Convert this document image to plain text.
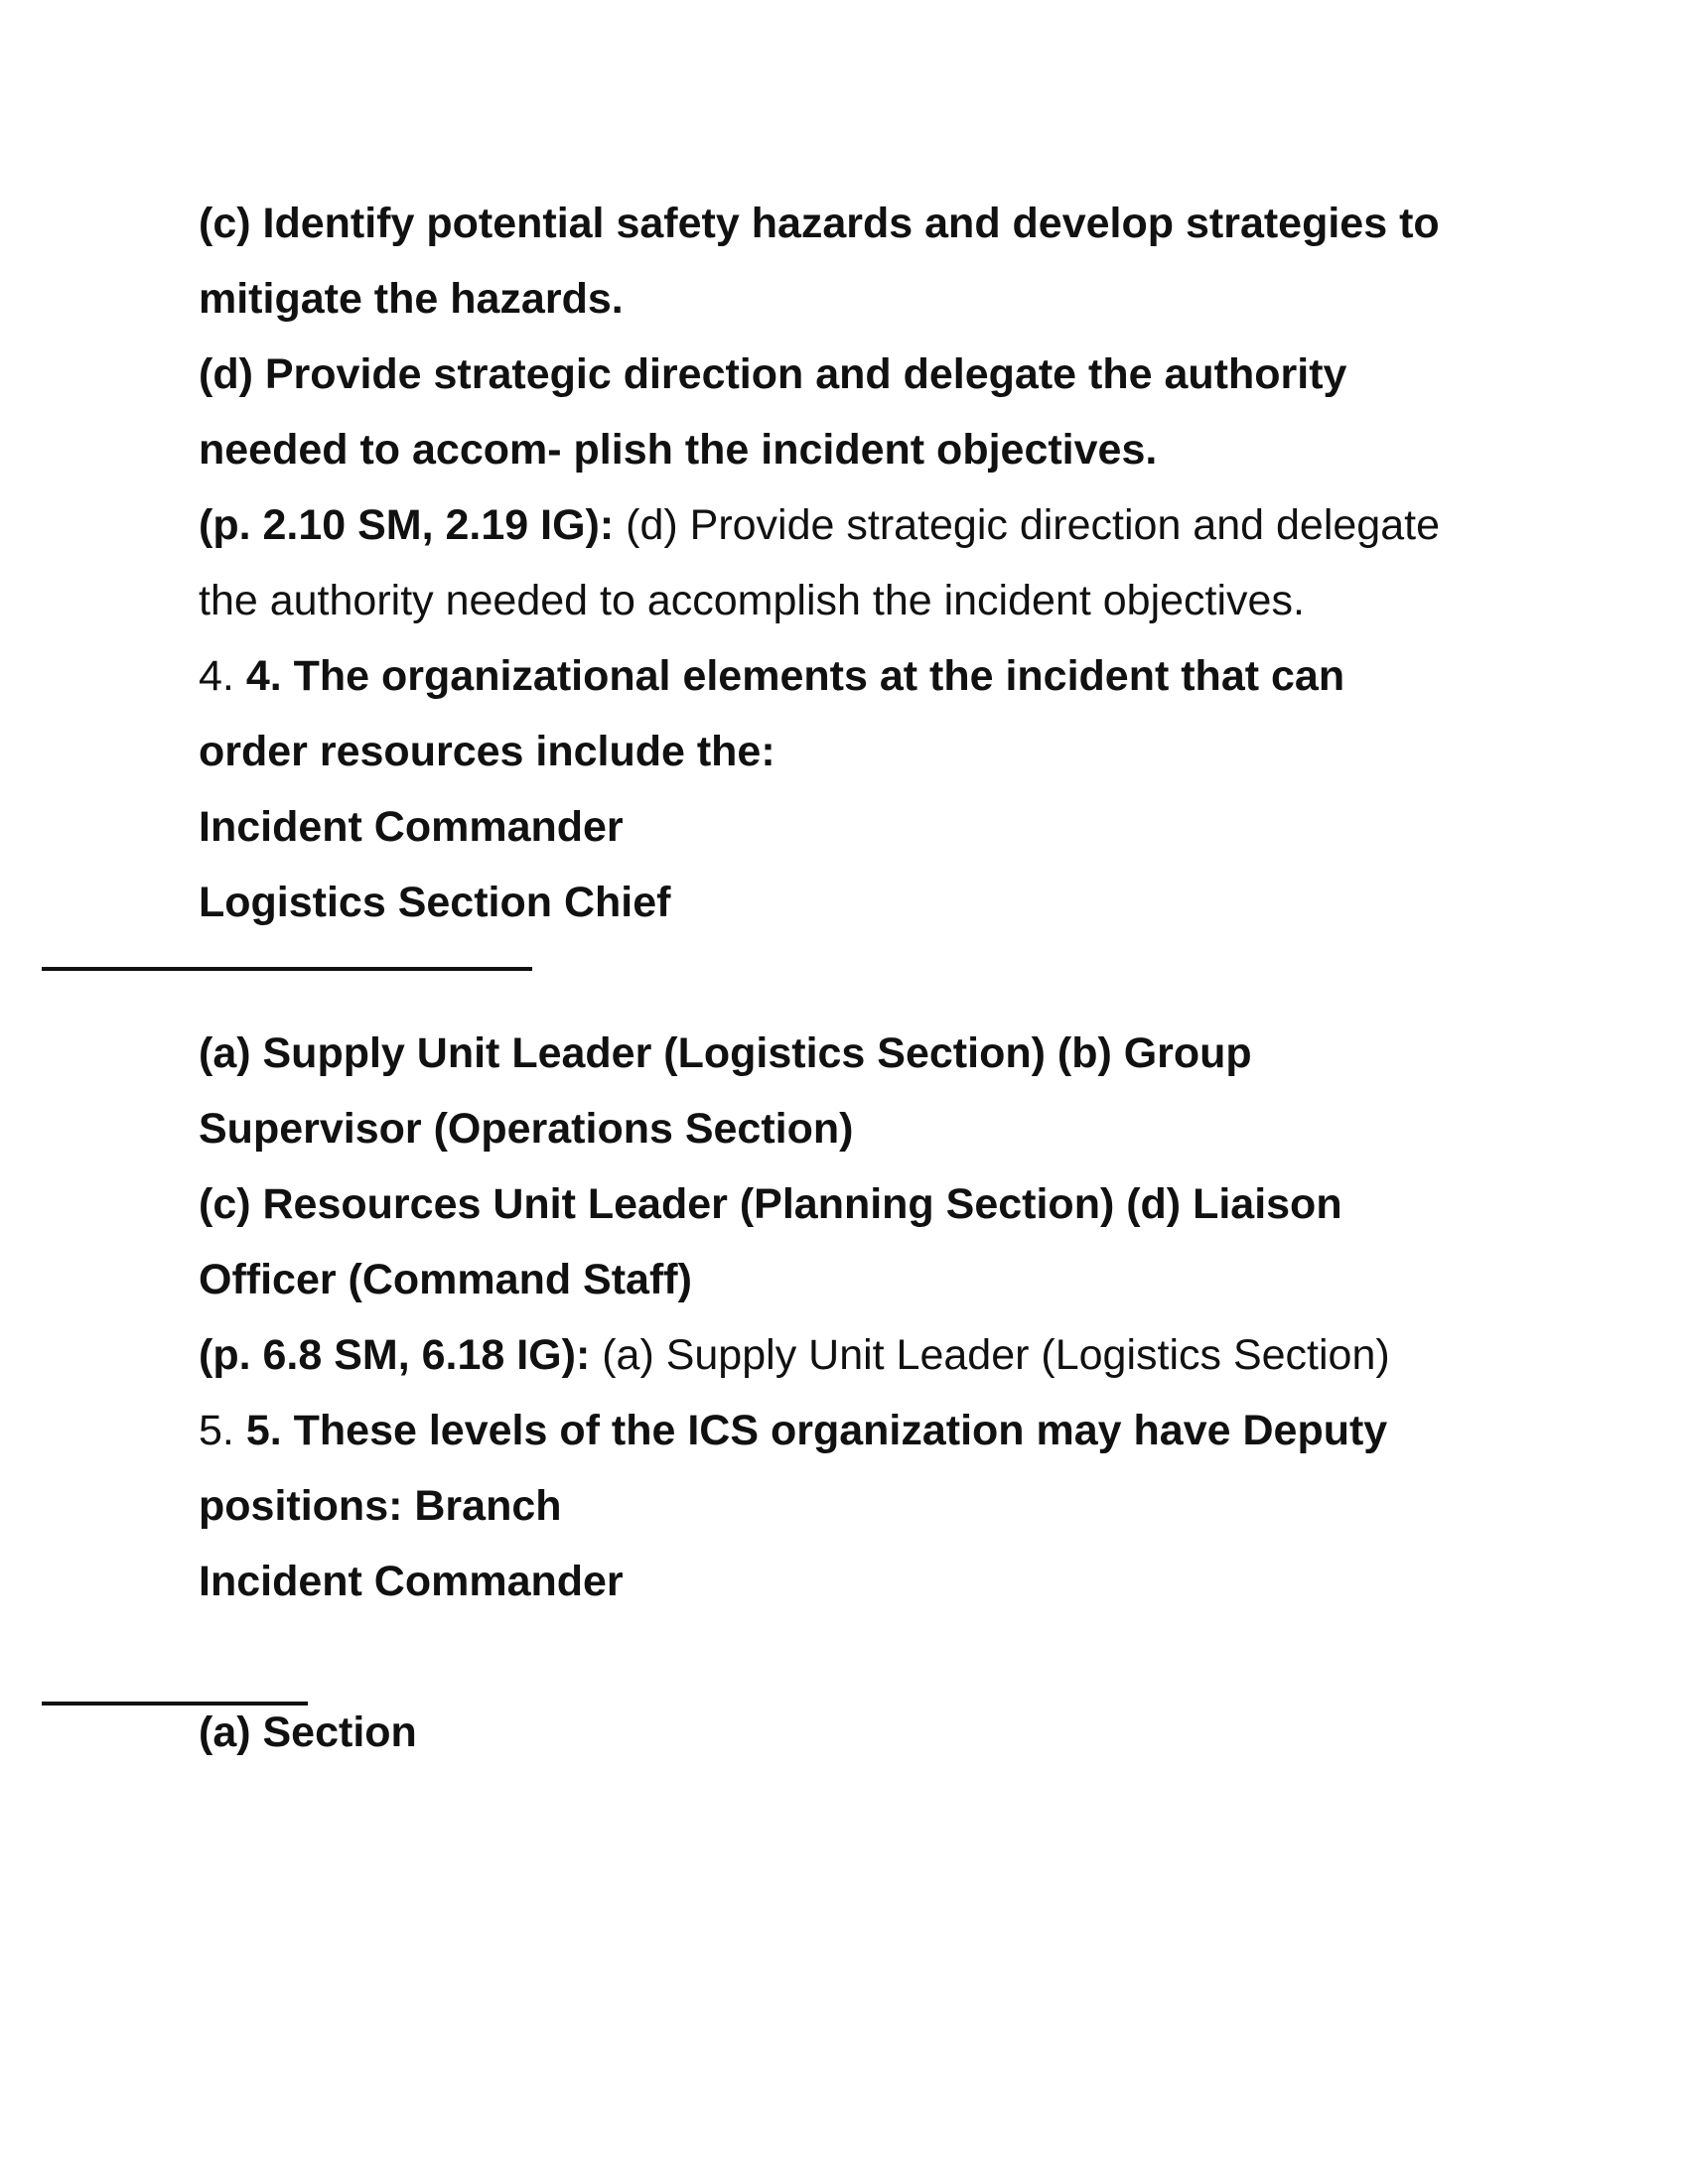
(c) Identify potential safety hazards and develop strategies to
mitigate the hazards.
(d) Provide strategic direction and delegate the authority
needed to accom- plish the incident objectives.
(p. 2.10 SM, 2.19 IG): (d) Provide strategic direction and delegate
the authority needed to accomplish the incident objectives.
4. 4. The organizational elements at the incident that can
order resources include the:
Incident Commander
Logistics Section Chief
(a) Supply Unit Leader (Logistics Section) (b) Group
Supervisor (Operations Section)
(c) Resources Unit Leader (Planning Section) (d) Liaison
Officer (Command Staff)
(p. 6.8 SM, 6.18 IG): (a) Supply Unit Leader (Logistics Section)
5. 5. These levels of the ICS organization may have Deputy
positions: Branch
Incident Commander
(a) Section
